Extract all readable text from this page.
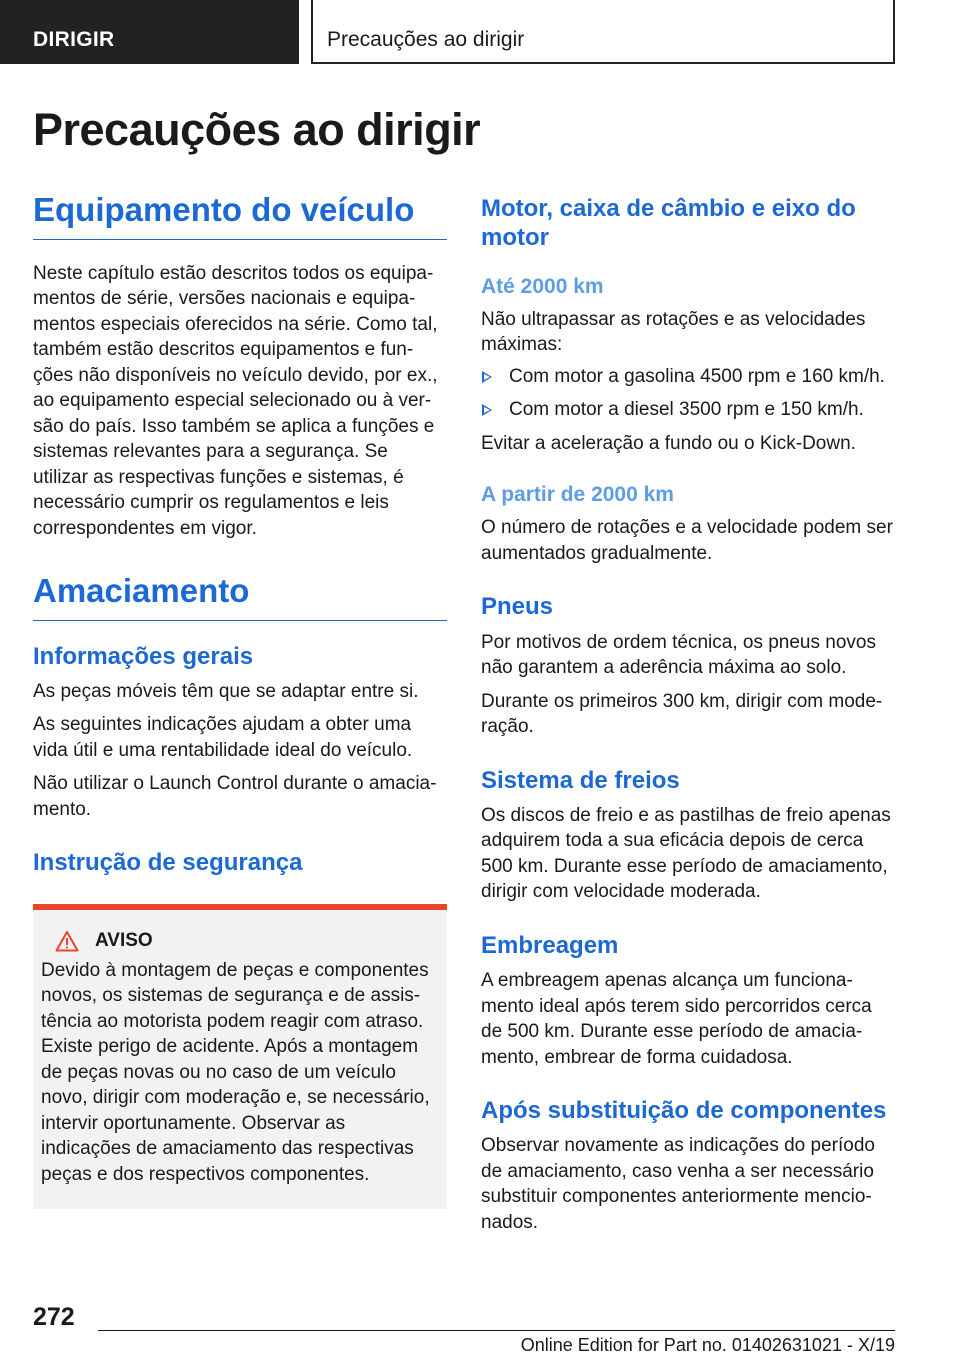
DIRIGIR	Precauções ao dirigir
Precauções ao dirigir
Equipamento do veículo

Neste capítulo estão descritos todos os equipa-mentos de série, versões nacionais e equipa-mentos especiais oferecidos na série. Como tal, também estão descritos equipamentos e fun-ções não disponíveis no veículo devido, por ex., ao equipamento especial selecionado ou à ver-são do país. Isso também se aplica a funções e sistemas relevantes para a segurança. Se utilizar as respectivas funções e sistemas, é necessário cumprir os regulamentos e leis correspondentes em vigor.

Amaciamento
Informações gerais

As peças móveis têm que se adaptar entre si.

As seguintes indicações ajudam a obter uma vida útil e uma rentabilidade ideal do veículo.

Não utilizar o Launch Control durante o amacia-mento.

Instrução de segurança
AVISO

Devido à montagem de peças e componentes novos, os sistemas de segurança e de assis-tência ao motorista podem reagir com atraso. Existe perigo de acidente. Após a montagem de peças novas ou no caso de um veículo novo, dirigir com moderação e, se necessário, intervir oportunamente. Observar as indicações de amaciamento das respectivas peças e dos respectivos componentes.

Motor, caixa de câmbio e eixo do motor
Até 2000 km

Não ultrapassar as rotações e as velocidades máximas:

Com motor a gasolina 4500 rpm e 160 km/h.
Com motor a diesel 3500 rpm e 150 km/h.

Evitar a aceleração a fundo ou o Kick-Down.

A partir de 2000 km

O número de rotações e a velocidade podem ser aumentados gradualmente.

Pneus

Por motivos de ordem técnica, os pneus novos não garantem a aderência máxima ao solo.

Durante os primeiros 300 km, dirigir com mode-ração.

Sistema de freios

Os discos de freio e as pastilhas de freio apenas adquirem toda a sua eficácia depois de cerca 500 km. Durante esse período de amaciamento, dirigir com velocidade moderada.

Embreagem

A embreagem apenas alcança um funciona-mento ideal após terem sido percorridos cerca de 500 km. Durante esse período de amacia-mento, embrear de forma cuidadosa.

Após substituição de componentes

Observar novamente as indicações do período de amaciamento, caso venha a ser necessário substituir componentes anteriormente mencio-nados.

272
Online Edition for Part no. 01402631021 - X/19
